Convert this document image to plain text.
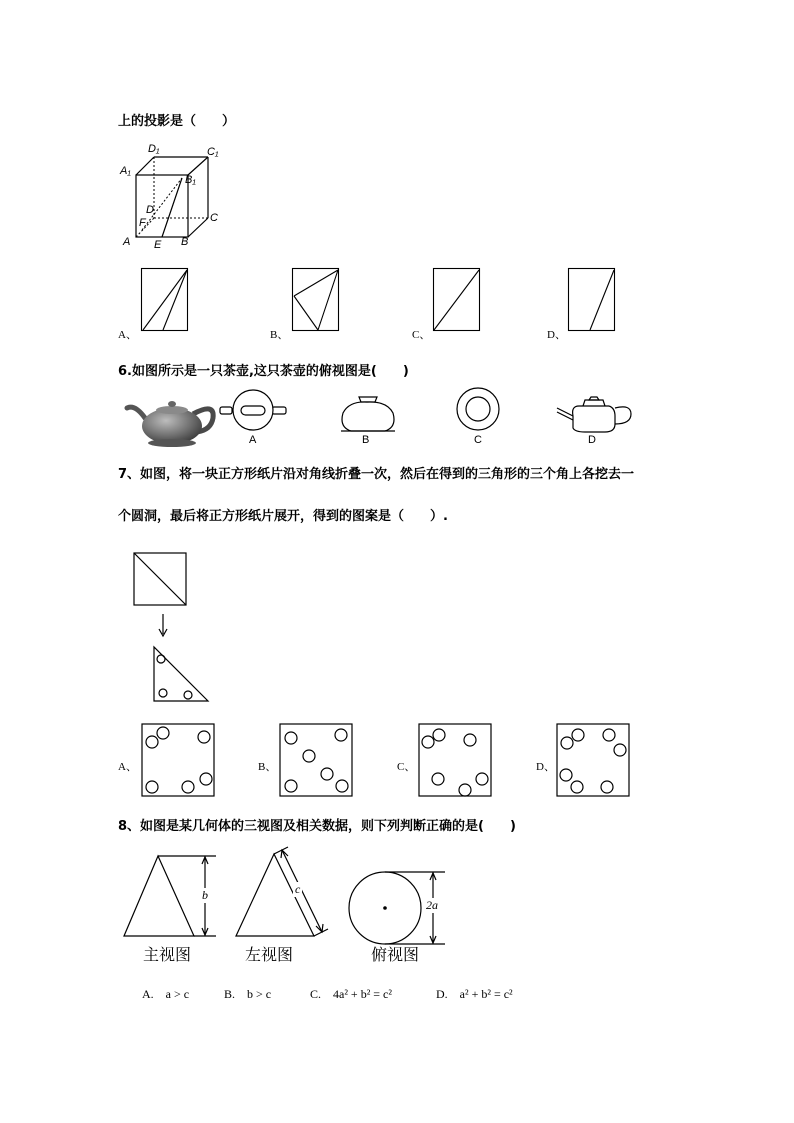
上的投影是（　　）
D₁	C₁
A₁
B₁
D
F	C
A E B
A、	B、	C、	D、
6.如图所示是一只茶壶,这只茶壶的俯视图是(　　)
A	B	C	D
7、如图，将一块正方形纸片沿对角线折叠一次，然后在得到的三角形的三个角上各挖去一
个圆洞，最后将正方形纸片展开，得到的图案是（　　）.
A、	B、	C、	D、
8、如图是某几何体的三视图及相关数据，则下列判断正确的是(　　)
b	c
2a
主视图	左视图	俯视图
A.　a > c	B.　b > c	C.　4a² + b² = c²	D.　a² + b² = c²
